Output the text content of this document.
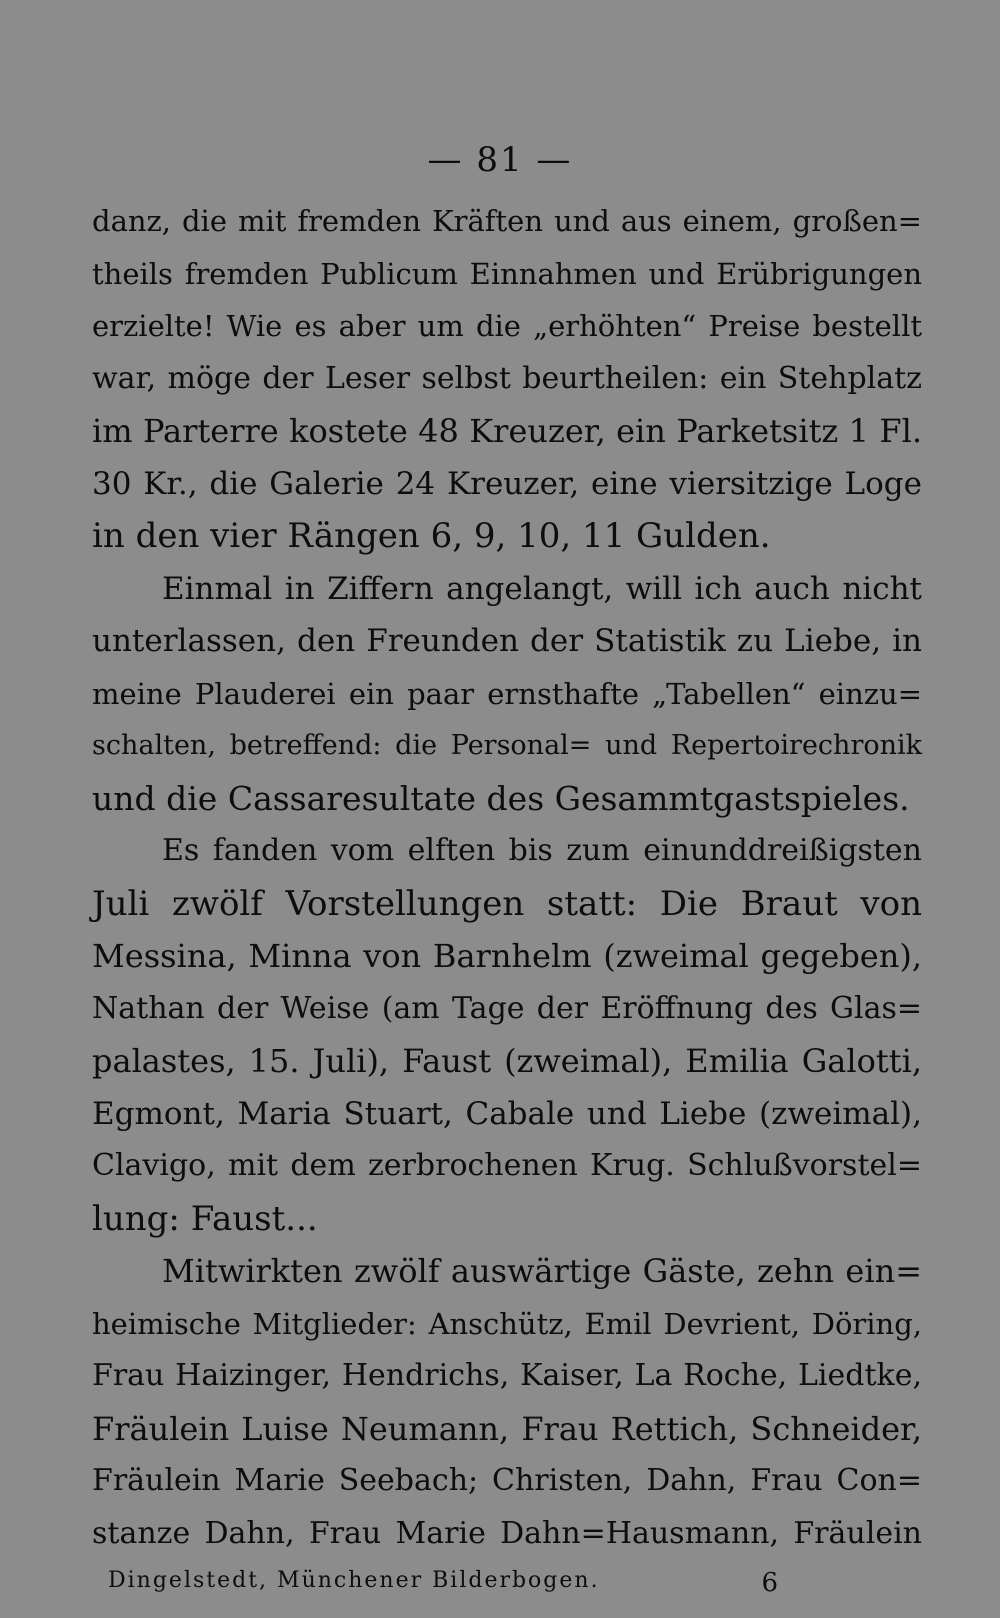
— 81 —
danz, die mit fremden Kräften und aus einem, großen=
theils fremden Publicum Einnahmen und Erübrigungen
erzielte! Wie es aber um die „erhöhten“ Preise bestellt
war, möge der Leser selbst beurtheilen: ein Stehplatz
im Parterre kostete 48 Kreuzer, ein Parketsitz 1 Fl.
30 Kr., die Galerie 24 Kreuzer, eine viersitzige Loge
in den vier Rängen 6, 9, 10, 11 Gulden.
Einmal in Ziffern angelangt, will ich auch nicht
unterlassen, den Freunden der Statistik zu Liebe, in
meine Plauderei ein paar ernsthafte „Tabellen“ einzu=
schalten, betreffend: die Personal= und Repertoirechronik
und die Cassaresultate des Gesammtgastspieles.
Es fanden vom elften bis zum einunddreißigsten
Juli zwölf Vorstellungen statt: Die Braut von
Messina, Minna von Barnhelm (zweimal gegeben),
Nathan der Weise (am Tage der Eröffnung des Glas=
palastes, 15. Juli), Faust (zweimal), Emilia Galotti,
Egmont, Maria Stuart, Cabale und Liebe (zweimal),
Clavigo, mit dem zerbrochenen Krug. Schlußvorstel=
lung: Faust...
Mitwirkten zwölf auswärtige Gäste, zehn ein=
heimische Mitglieder: Anschütz, Emil Devrient, Döring,
Frau Haizinger, Hendrichs, Kaiser, La Roche, Liedtke,
Fräulein Luise Neumann, Frau Rettich, Schneider,
Fräulein Marie Seebach; Christen, Dahn, Frau Con=
stanze Dahn, Frau Marie Dahn=Hausmann, Fräulein
Dingelstedt, Münchener Bilderbogen.	6
